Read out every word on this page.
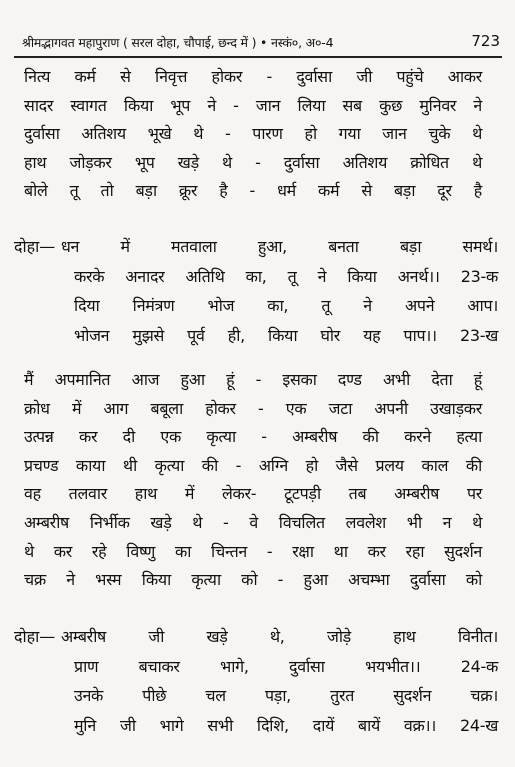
श्रीमद्भागवत महापुराण ( सरल दोहा, चौपाई, छन्द में ) • नस्कं०, अ०-4	723
नित्य कर्म से निवृत्त होकर - दुर्वासा जी पहुंचे आकर
सादर स्वागत किया भूप ने - जान लिया सब कुछ मुनिवर ने
दुर्वासा अतिशय भूखे थे - पारण हो गया जान चुके थे
हाथ जोड़कर भूप खड़े थे - दुर्वासा अतिशय क्रोधित थे
बोले तू तो बड़ा क्रूर है - धर्म कर्म से बड़ा दूर है
दोहा— धन में मतवाला हुआ, बनता बड़ा समर्थ।
करके अनादर अतिथि का, तू ने किया अनर्थ।। 23-क
दिया निमंत्रण भोज का, तू ने अपने आप।
भोजन मुझसे पूर्व ही, किया घोर यह पाप।। 23-ख
मैं अपमानित आज हुआ हूं - इसका दण्ड अभी देता हूं
क्रोध में आग बबूला होकर - एक जटा अपनी उखाड़कर
उत्पन्न कर दी एक कृत्या - अम्बरीष की करने हत्या
प्रचण्ड काया थी कृत्या की - अग्नि हो जैसे प्रलय काल की
वह तलवार हाथ में लेकर- टूटपड़ी तब अम्बरीष पर
अम्बरीष निर्भीक खड़े थे - वे विचलित लवलेश भी न थे
थे कर रहे विष्णु का चिन्तन - रक्षा था कर रहा सुदर्शन
चक्र ने भस्म किया कृत्या को - हुआ अचम्भा दुर्वासा को
दोहा— अम्बरीष जी खड़े थे, जोड़े हाथ विनीत।
प्राण बचाकर भागे, दुर्वासा भयभीत।। 24-क
उनके पीछे चल पड़ा, तुरत सुदर्शन चक्र।
मुनि जी भागे सभी दिशि, दायें बायें वक्र।। 24-ख
